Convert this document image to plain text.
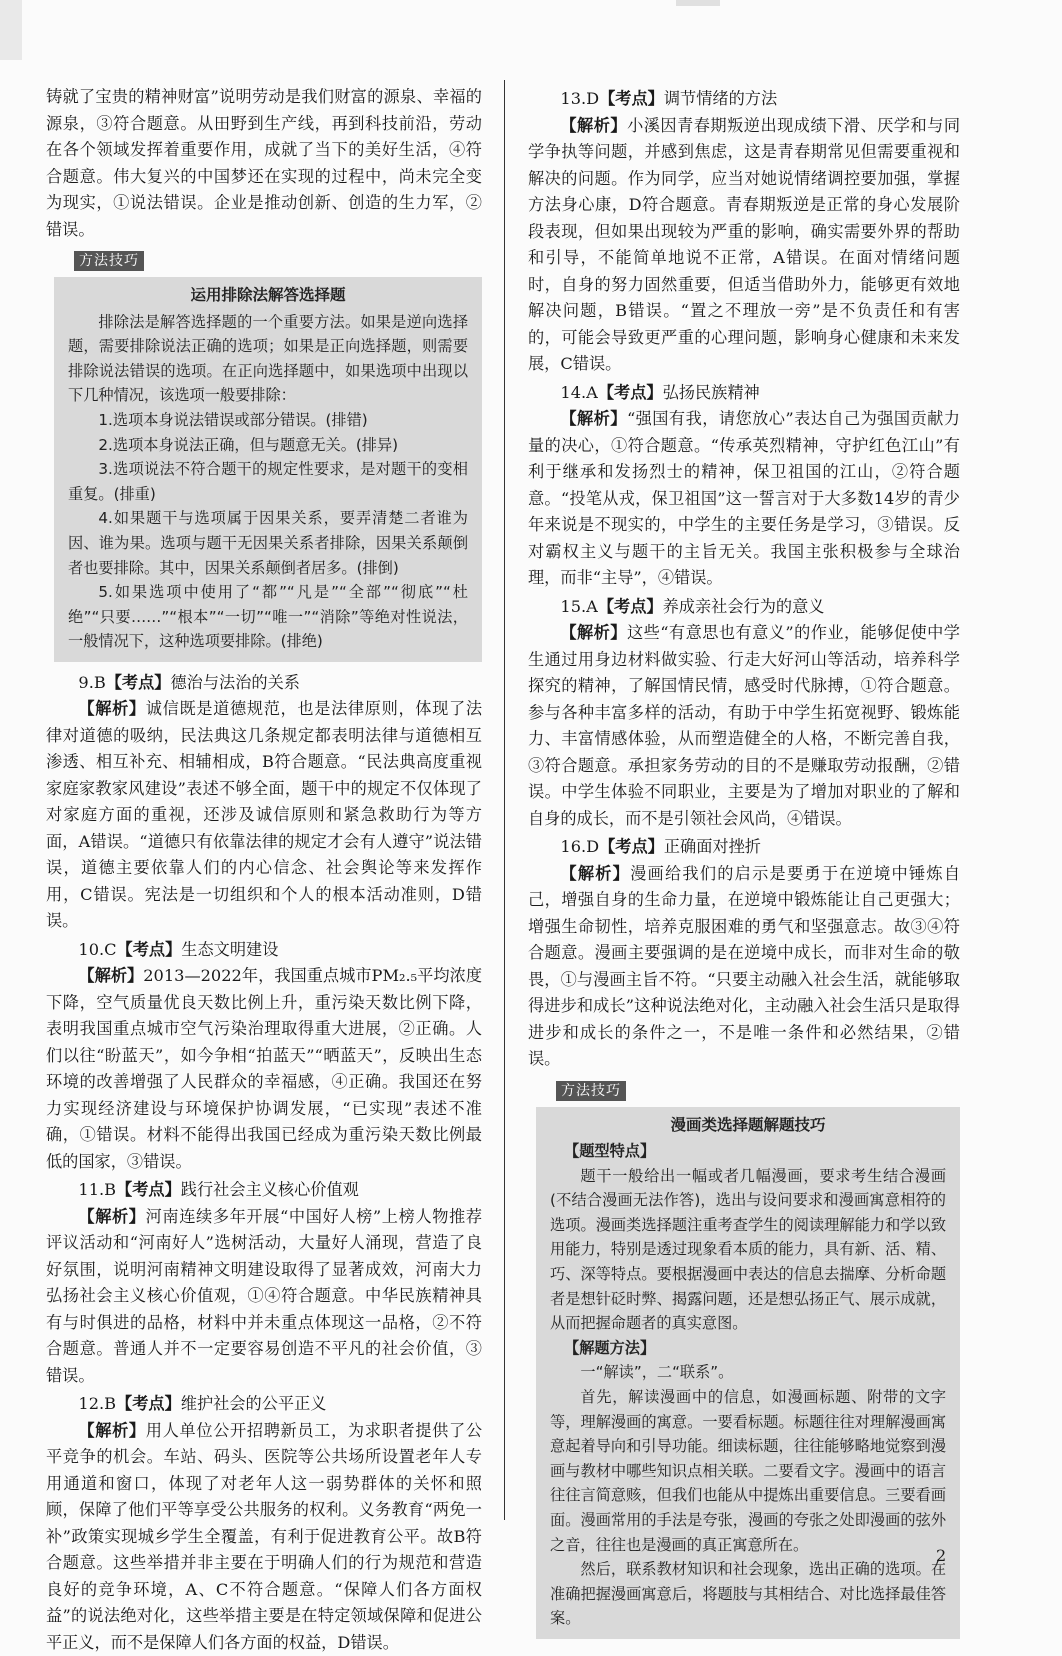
铸就了宝贵的精神财富”说明劳动是我们财富的源泉、幸福的源泉，③符合题意。从田野到生产线，再到科技前沿，劳动在各个领域发挥着重要作用，成就了当下的美好生活，④符合题意。伟大复兴的中国梦还在实现的过程中，尚未完全变为现实，①说法错误。企业是推动创新、创造的生力军，②错误。

方法技巧
运用排除法解答选择题

排除法是解答选择题的一个重要方法。如果是逆向选择题，需要排除说法正确的选项；如果是正向选择题，则需要排除说法错误的选项。在正向选择题中，如果选项中出现以下几种情况，该选项一般要排除：

1.选项本身说法错误或部分错误。(排错)

2.选项本身说法正确，但与题意无关。(排异)

3.选项说法不符合题干的规定性要求，是对题干的变相重复。(排重)

4.如果题干与选项属于因果关系，要弄清楚二者谁为因、谁为果。选项与题干无因果关系者排除，因果关系颠倒者也要排除。其中，因果关系颠倒者居多。(排倒)

5.如果选项中使用了“都”“凡是”“全部”“彻底”“杜绝”“只要……”“根本”“一切”“唯一”“消除”等绝对性说法，一般情况下，这种选项要排除。(排绝)

9.B【考点】德治与法治的关系

【解析】诚信既是道德规范，也是法律原则，体现了法律对道德的吸纳，民法典这几条规定都表明法律与道德相互渗透、相互补充、相辅相成，B符合题意。“民法典高度重视家庭家教家风建设”表述不够全面，题干中的规定不仅体现了对家庭方面的重视，还涉及诚信原则和紧急救助行为等方面，A错误。“道德只有依靠法律的规定才会有人遵守”说法错误，道德主要依靠人们的内心信念、社会舆论等来发挥作用，C错误。宪法是一切组织和个人的根本活动准则，D错误。

10.C【考点】生态文明建设

【解析】2013—2022年，我国重点城市PM₂.₅平均浓度下降，空气质量优良天数比例上升，重污染天数比例下降，表明我国重点城市空气污染治理取得重大进展，②正确。人们以往“盼蓝天”，如今争相“拍蓝天”“晒蓝天”，反映出生态环境的改善增强了人民群众的幸福感，④正确。我国还在努力实现经济建设与环境保护协调发展，“已实现”表述不准确，①错误。材料不能得出我国已经成为重污染天数比例最低的国家，③错误。

11.B【考点】践行社会主义核心价值观

【解析】河南连续多年开展“中国好人榜”上榜人物推荐评议活动和“河南好人”选树活动，大量好人涌现，营造了良好氛围，说明河南精神文明建设取得了显著成效，河南大力弘扬社会主义核心价值观，①④符合题意。中华民族精神具有与时俱进的品格，材料中并未重点体现这一品格，②不符合题意。普通人并不一定要容易创造不平凡的社会价值，③错误。

12.B【考点】维护社会的公平正义

【解析】用人单位公开招聘新员工，为求职者提供了公平竞争的机会。车站、码头、医院等公共场所设置老年人专用通道和窗口，体现了对老年人这一弱势群体的关怀和照顾，保障了他们平等享受公共服务的权利。义务教育“两免一补”政策实现城乡学生全覆盖，有利于促进教育公平。故B符合题意。这些举措并非主要在于明确人们的行为规范和营造良好的竞争环境，A、C不符合题意。“保障人们各方面权益”的说法绝对化，这些举措主要是在特定领域保障和促进公平正义，而不是保障人们各方面的权益，D错误。

13.D【考点】调节情绪的方法

【解析】小溪因青春期叛逆出现成绩下滑、厌学和与同学争执等问题，并感到焦虑，这是青春期常见但需要重视和解决的问题。作为同学，应当对她说情绪调控要加强，掌握方法身心康，D符合题意。青春期叛逆是正常的身心发展阶段表现，但如果出现较为严重的影响，确实需要外界的帮助和引导，不能简单地说不正常，A错误。在面对情绪问题时，自身的努力固然重要，但适当借助外力，能够更有效地解决问题，B错误。“置之不理放一旁”是不负责任和有害的，可能会导致更严重的心理问题，影响身心健康和未来发展，C错误。

14.A【考点】弘扬民族精神

【解析】“强国有我，请您放心”表达自己为强国贡献力量的决心，①符合题意。“传承英烈精神，守护红色江山”有利于继承和发扬烈士的精神，保卫祖国的江山，②符合题意。“投笔从戎，保卫祖国”这一誓言对于大多数14岁的青少年来说是不现实的，中学生的主要任务是学习，③错误。反对霸权主义与题干的主旨无关。我国主张积极参与全球治理，而非“主导”，④错误。

15.A【考点】养成亲社会行为的意义

【解析】这些“有意思也有意义”的作业，能够促使中学生通过用身边材料做实验、行走大好河山等活动，培养科学探究的精神，了解国情民情，感受时代脉搏，①符合题意。参与各种丰富多样的活动，有助于中学生拓宽视野、锻炼能力、丰富情感体验，从而塑造健全的人格，不断完善自我，③符合题意。承担家务劳动的目的不是赚取劳动报酬，②错误。中学生体验不同职业，主要是为了增加对职业的了解和自身的成长，而不是引领社会风尚，④错误。

16.D【考点】正确面对挫折

【解析】漫画给我们的启示是要勇于在逆境中锤炼自己，增强自身的生命力量，在逆境中锻炼能让自己更强大；增强生命韧性，培养克服困难的勇气和坚强意志。故③④符合题意。漫画主要强调的是在逆境中成长，而非对生命的敬畏，①与漫画主旨不符。“只要主动融入社会生活，就能够取得进步和成长”这种说法绝对化，主动融入社会生活只是取得进步和成长的条件之一，不是唯一条件和必然结果，②错误。

方法技巧
漫画类选择题解题技巧
【题型特点】

题干一般给出一幅或者几幅漫画，要求考生结合漫画(不结合漫画无法作答)，选出与设问要求和漫画寓意相符的选项。漫画类选择题注重考查学生的阅读理解能力和学以致用能力，特别是透过现象看本质的能力，具有新、活、精、巧、深等特点。要根据漫画中表达的信息去揣摩、分析命题者是想针砭时弊、揭露问题，还是想弘扬正气、展示成就，从而把握命题者的真实意图。

【解题方法】

一“解读”，二“联系”。

首先，解读漫画中的信息，如漫画标题、附带的文字等，理解漫画的寓意。一要看标题。标题往往对理解漫画寓意起着导向和引导功能。细读标题，往往能够略地觉察到漫画与教材中哪些知识点相关联。二要看文字。漫画中的语言往往言简意赅，但我们也能从中提炼出重要信息。三要看画面。漫画常用的手法是夸张，漫画的夸张之处即漫画的弦外之音，往往也是漫画的真正寓意所在。

然后，联系教材知识和社会现象，选出正确的选项。在准确把握漫画寓意后，将题肢与其相结合、对比选择最佳答案。

2
